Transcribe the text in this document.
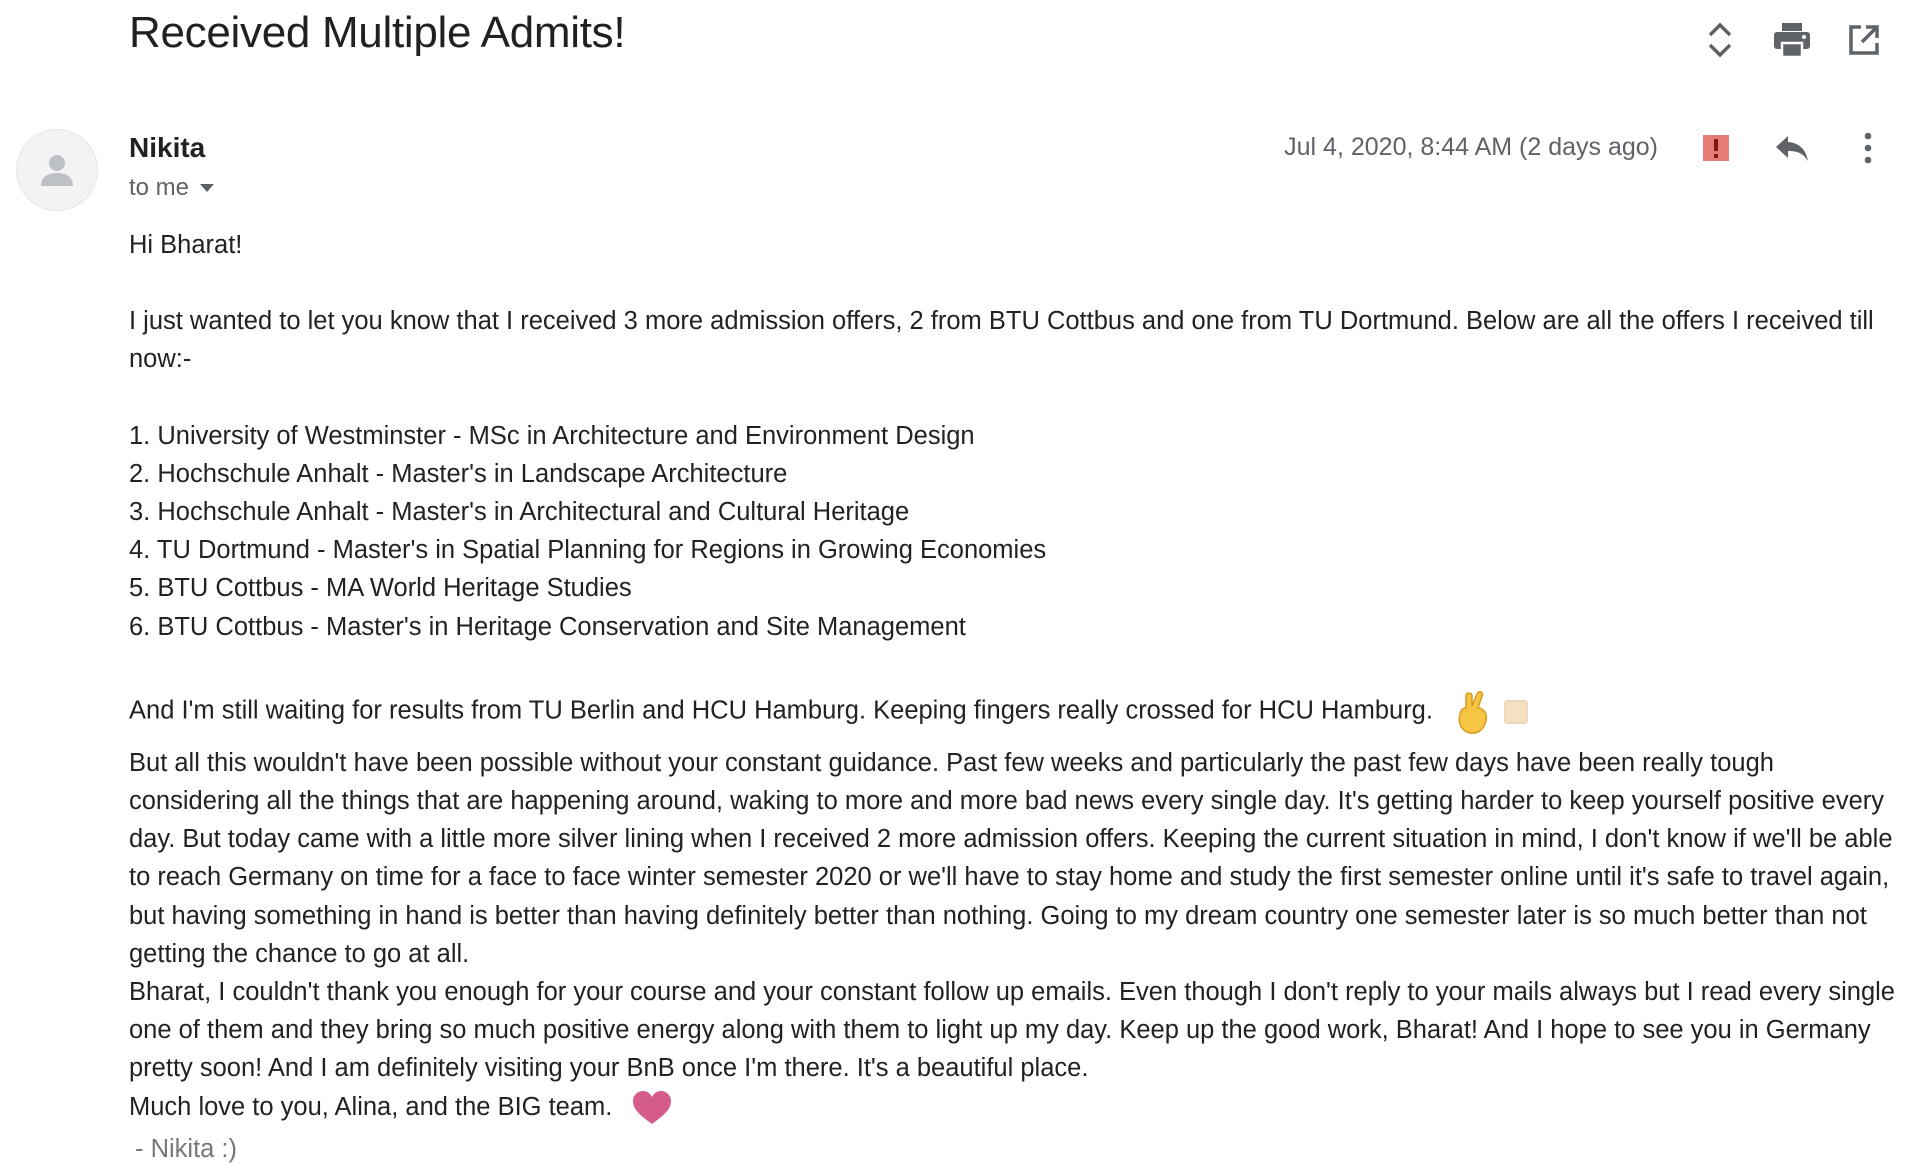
Received Multiple Admits!
Nikita
to me
Jul 4, 2020, 8:44 AM (2 days ago)

Hi Bharat!

I just wanted to let you know that I received 3 more admission offers, 2 from BTU Cottbus and one from TU Dortmund. Below are all the offers I received till now:-

1. University of Westminster - MSc in Architecture and Environment Design
2. Hochschule Anhalt - Master's in Landscape Architecture
3. Hochschule Anhalt - Master's in Architectural and Cultural Heritage
4. TU Dortmund - Master's in Spatial Planning for Regions in Growing Economies
5. BTU Cottbus - MA World Heritage Studies
6. BTU Cottbus - Master's in Heritage Conservation and Site Management

And I'm still waiting for results from TU Berlin and HCU Hamburg. Keeping fingers really crossed for HCU Hamburg.

But all this wouldn't have been possible without your constant guidance. Past few weeks and particularly the past few days have been really tough considering all the things that are happening around, waking to more and more bad news every single day. It's getting harder to keep yourself positive every day. But today came with a little more silver lining when I received 2 more admission offers. Keeping the current situation in mind, I don't know if we'll be able to reach Germany on time for a face to face winter semester 2020 or we'll have to stay home and study the first semester online until it's safe to travel again, but having something in hand is better than having definitely better than nothing. Going to my dream country one semester later is so much better than not getting the chance to go at all.

Bharat, I couldn't thank you enough for your course and your constant follow up emails. Even though I don't reply to your mails always but I read every single one of them and they bring so much positive energy along with them to light up my day. Keep up the good work, Bharat! And I hope to see you in Germany pretty soon! And I am definitely visiting your BnB once I'm there. It's a beautiful place.

Much love to you, Alina, and the BIG team.

- Nikita :)
